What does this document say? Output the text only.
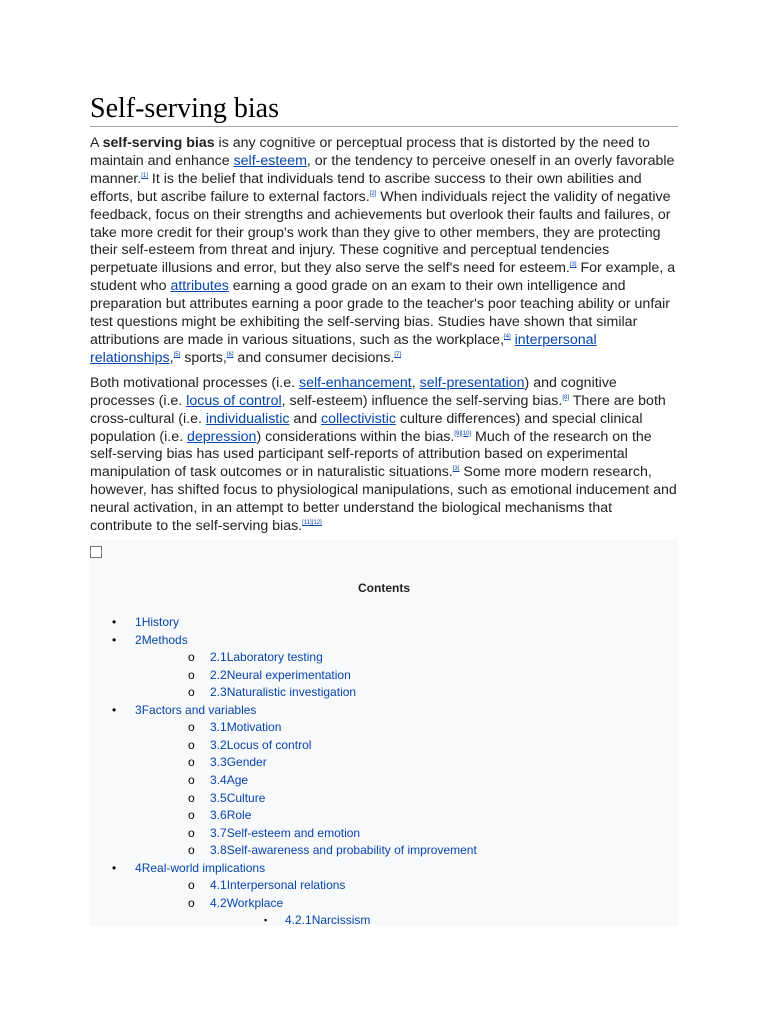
Self-serving bias

A self-serving bias is any cognitive or perceptual process that is distorted by the need to maintain and enhance self-esteem, or the tendency to perceive oneself in an overly favorable manner.[1] It is the belief that individuals tend to ascribe success to their own abilities and efforts, but ascribe failure to external factors.[2] When individuals reject the validity of negative feedback, focus on their strengths and achievements but overlook their faults and failures, or take more credit for their group's work than they give to other members, they are protecting their self-esteem from threat and injury. These cognitive and perceptual tendencies perpetuate illusions and error, but they also serve the self's need for esteem.[3] For example, a student who attributes earning a good grade on an exam to their own intelligence and preparation but attributes earning a poor grade to the teacher's poor teaching ability or unfair test questions might be exhibiting the self-serving bias. Studies have shown that similar attributions are made in various situations, such as the workplace,[4] interpersonal relationships,[5] sports,[6] and consumer decisions.[7]

Both motivational processes (i.e. self-enhancement, self-presentation) and cognitive processes (i.e. locus of control, self-esteem) influence the self-serving bias.[8] There are both cross-cultural (i.e. individualistic and collectivistic culture differences) and special clinical population (i.e. depression) considerations within the bias.[9][10] Much of the research on the self-serving bias has used participant self-reports of attribution based on experimental manipulation of task outcomes or in naturalistic situations.[3] Some more modern research, however, has shifted focus to physiological manipulations, such as emotional inducement and neural activation, in an attempt to better understand the biological mechanisms that contribute to the self-serving bias.[11][12]

Contents
• 1History
• 2Methods
o 2.1Laboratory testing
o 2.2Neural experimentation
o 2.3Naturalistic investigation
• 3Factors and variables
o 3.1Motivation
o 3.2Locus of control
o 3.3Gender
o 3.4Age
o 3.5Culture
o 3.6Role
o 3.7Self-esteem and emotion
o 3.8Self-awareness and probability of improvement
• 4Real-world implications
o 4.1Interpersonal relations
o 4.2Workplace
▪ 4.2.1Narcissism
